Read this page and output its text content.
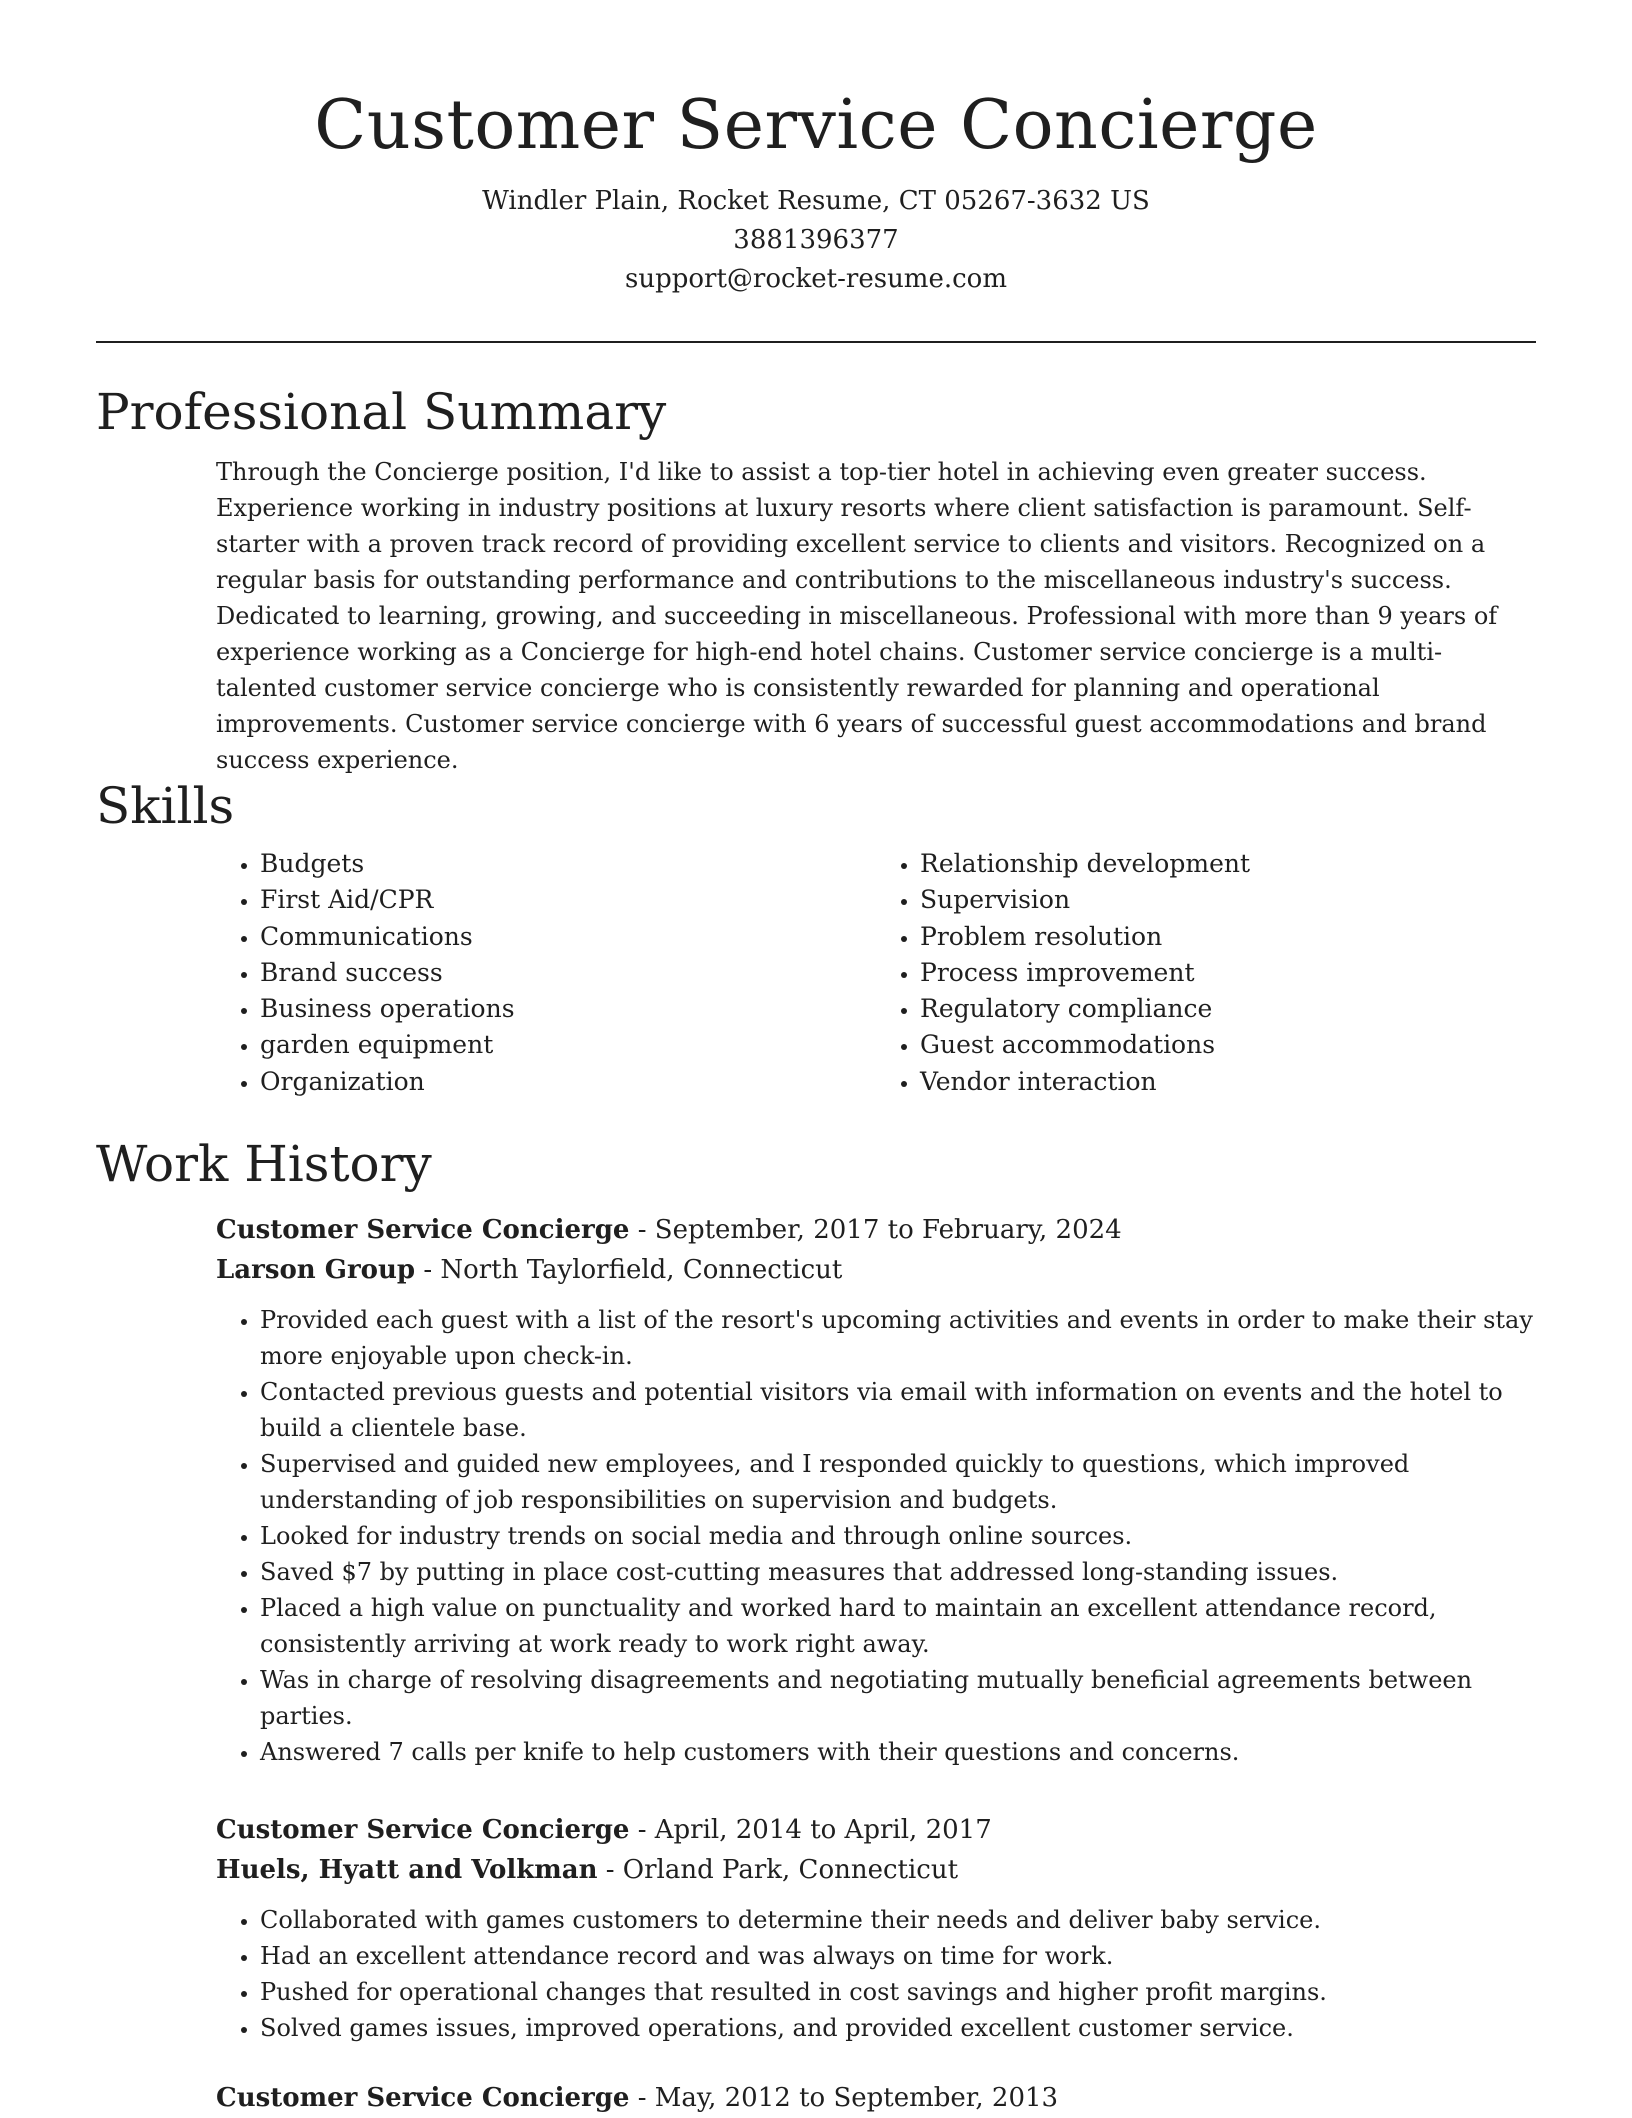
Customer Service Concierge

Windler Plain, Rocket Resume, CT 05267-3632 US

3881396377

support@rocket-resume.com

Professional Summary

Through the Concierge position, I'd like to assist a top-tier hotel in achieving even greater success. Experience working in industry positions at luxury resorts where client satisfaction is paramount. Self-starter with a proven track record of providing excellent service to clients and visitors. Recognized on a regular basis for outstanding performance and contributions to the miscellaneous industry's success. Dedicated to learning, growing, and succeeding in miscellaneous. Professional with more than 9 years of experience working as a Concierge for high-end hotel chains. Customer service concierge is a multi-talented customer service concierge who is consistently rewarded for planning and operational improvements. Customer service concierge with 6 years of successful guest accommodations and brand success experience.

Skills
• Budgets
• First Aid/CPR
• Communications
• Brand success
• Business operations
• garden equipment
• Organization
• Relationship development
• Supervision
• Problem resolution
• Process improvement
• Regulatory compliance
• Guest accommodations
• Vendor interaction
Work History

Customer Service Concierge - September, 2017 to February, 2024

Larson Group - North Taylorfield, Connecticut

• Provided each guest with a list of the resort's upcoming activities and events in order to make their stay more enjoyable upon check-in.
• Contacted previous guests and potential visitors via email with information on events and the hotel to build a clientele base.
• Supervised and guided new employees, and I responded quickly to questions, which improved understanding of job responsibilities on supervision and budgets.
• Looked for industry trends on social media and through online sources.
• Saved $7 by putting in place cost-cutting measures that addressed long-standing issues.
• Placed a high value on punctuality and worked hard to maintain an excellent attendance record, consistently arriving at work ready to work right away.
• Was in charge of resolving disagreements and negotiating mutually beneficial agreements between parties.
• Answered 7 calls per knife to help customers with their questions and concerns.

Customer Service Concierge - April, 2014 to April, 2017

Huels, Hyatt and Volkman - Orland Park, Connecticut

• Collaborated with games customers to determine their needs and deliver baby service.
• Had an excellent attendance record and was always on time for work.
• Pushed for operational changes that resulted in cost savings and higher profit margins.
• Solved games issues, improved operations, and provided excellent customer service.

Customer Service Concierge - May, 2012 to September, 2013
